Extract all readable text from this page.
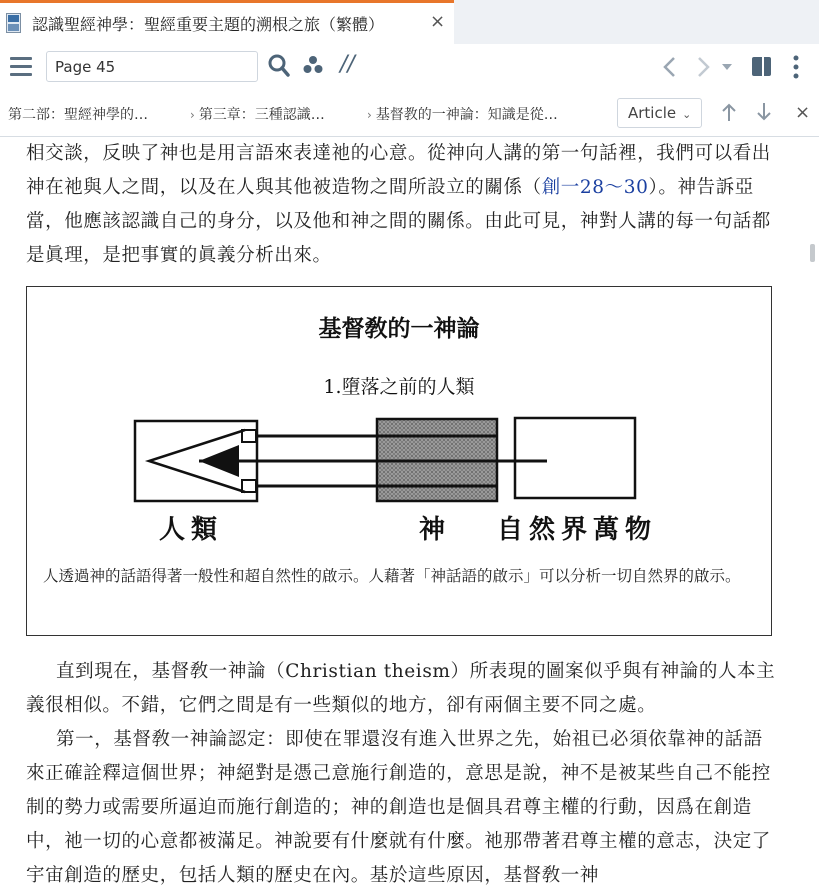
認識聖經神學：聖經重要主題的溯根之旅（繁體）	×
Page 45
//
第二部：聖經神學的…	› 第三章：三種認識…	› 基督教的一神論：知識是從…	Article ⌄	×
相交談，反映了神也是用言語來表達祂的心意。從神向人講的第一句話裡，我們可以看出神在祂與人之間，以及在人與其他被造物之間所設立的關係（創一28～30）。神告訴亞當，他應該認識自己的身分，以及他和神之間的關係。由此可見，神對人講的每一句話都是眞理，是把事實的眞義分析出來。
基督敎的一神論
1.墮落之前的人類
人類	神 自然界萬物
人透過神的話語得著一般性和超自然性的啟示。人藉著「神話語的啟示」可以分析一切自然界的啟示。
直到現在，基督敎一神論（Christian theism）所表現的圖案似乎與有神論的人本主義很相似。不錯，它們之間是有一些類似的地方，卻有兩個主要不同之處。
第一，基督敎一神論認定：即使在罪還沒有進入世界之先，始祖已必須依靠神的話語來正確詮釋這個世界；神絕對是憑己意施行創造的，意思是說，神不是被某些自己不能控制的勢力或需要所逼迫而施行創造的；神的創造也是個具君尊主權的行動，因爲在創造中，祂一切的心意都被滿足。神說要有什麼就有什麼。祂那帶著君尊主權的意志，決定了宇宙創造的歷史，包括人類的歷史在內。基於這些原因，基督敎一神
